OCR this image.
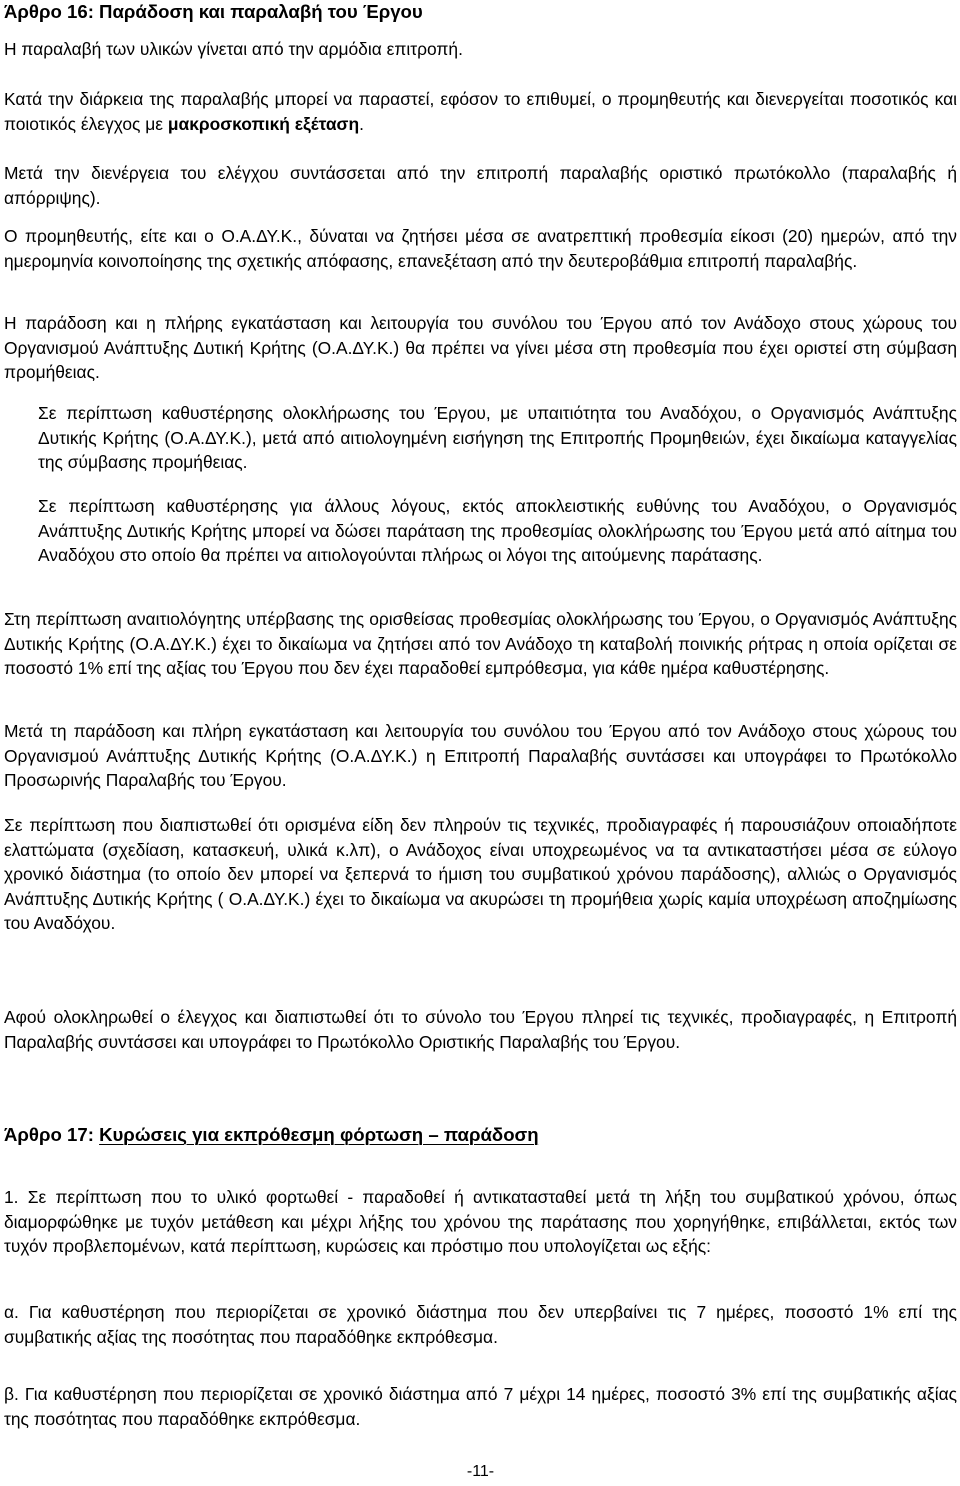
Άρθρο 16: Παράδοση και παραλαβή του Έργου

Η παραλαβή των υλικών γίνεται από την αρμόδια επιτροπή.

Κατά την διάρκεια της παραλαβής μπορεί να παραστεί, εφόσον το επιθυμεί, ο προμηθευτής και διενεργείται ποσοτικός και ποιοτικός έλεγχος με μακροσκοπική εξέταση.

Μετά την διενέργεια του ελέγχου συντάσσεται από την επιτροπή παραλαβής οριστικό πρωτόκολλο (παραλαβής ή απόρριψης).

Ο προμηθευτής, είτε και ο Ο.Α.ΔΥ.Κ., δύναται να ζητήσει μέσα σε ανατρεπτική προθεσμία είκοσι (20) ημερών, από την ημερομηνία κοινοποίησης της σχετικής απόφασης, επανεξέταση από την δευτεροβάθμια επιτροπή παραλαβής.

Η παράδοση και η πλήρης εγκατάσταση και λειτουργία του συνόλου του Έργου από τον Ανάδοχο στους χώρους του Οργανισμού Ανάπτυξης Δυτική Κρήτης (Ο.Α.ΔΥ.Κ.) θα πρέπει να γίνει μέσα στη προθεσμία που έχει οριστεί στη σύμβαση προμήθειας.

Σε περίπτωση καθυστέρησης ολοκλήρωσης του Έργου, με υπαιτιότητα του Αναδόχου, ο Οργανισμός Ανάπτυξης Δυτικής Κρήτης (Ο.Α.ΔΥ.Κ.), μετά από αιτιολογημένη εισήγηση της Επιτροπής Προμηθειών, έχει δικαίωμα καταγγελίας της σύμβασης προμήθειας.

Σε περίπτωση καθυστέρησης για άλλους λόγους, εκτός αποκλειστικής ευθύνης του Αναδόχου, ο Οργανισμός Ανάπτυξης Δυτικής Κρήτης μπορεί να δώσει παράταση της προθεσμίας ολοκλήρωσης του Έργου μετά από αίτημα του Αναδόχου στο οποίο θα πρέπει να αιτιολογούνται πλήρως οι λόγοι της αιτούμενης παράτασης.

Στη περίπτωση αναιτιολόγητης υπέρβασης της ορισθείσας προθεσμίας ολοκλήρωσης του Έργου, ο Οργανισμός Ανάπτυξης Δυτικής Κρήτης (Ο.Α.ΔΥ.Κ.) έχει το δικαίωμα να ζητήσει από τον Ανάδοχο τη καταβολή ποινικής ρήτρας η οποία ορίζεται σε ποσοστό 1% επί της αξίας του Έργου που δεν έχει παραδοθεί εμπρόθεσμα, για κάθε ημέρα καθυστέρησης.

Μετά τη παράδοση και πλήρη εγκατάσταση και λειτουργία του συνόλου του Έργου από τον Ανάδοχο στους χώρους του Οργανισμού Ανάπτυξης Δυτικής Κρήτης (Ο.Α.ΔΥ.Κ.) η Επιτροπή Παραλαβής συντάσσει και υπογράφει το Πρωτόκολλο Προσωρινής Παραλαβής του Έργου.

Σε περίπτωση που διαπιστωθεί ότι ορισμένα είδη δεν πληρούν τις τεχνικές, προδιαγραφές ή παρουσιάζουν οποιαδήποτε ελαττώματα (σχεδίαση, κατασκευή, υλικά κ.λπ), ο Ανάδοχος είναι υποχρεωμένος να τα αντικαταστήσει μέσα σε εύλογο χρονικό διάστημα (το οποίο δεν μπορεί να ξεπερνά το ήμιση του συμβατικού χρόνου παράδοσης), αλλιώς ο Οργανισμός Ανάπτυξης Δυτικής Κρήτης ( Ο.Α.ΔΥ.Κ.) έχει το δικαίωμα να ακυρώσει τη προμήθεια χωρίς καμία υποχρέωση αποζημίωσης του Αναδόχου.

Αφού ολοκληρωθεί ο έλεγχος και διαπιστωθεί ότι το σύνολο του Έργου πληρεί τις τεχνικές, προδιαγραφές, η Επιτροπή Παραλαβής συντάσσει και υπογράφει το Πρωτόκολλο Οριστικής Παραλαβής του Έργου.

Άρθρο 17: Κυρώσεις για εκπρόθεσμη φόρτωση – παράδοση

1. Σε περίπτωση που το υλικό φορτωθεί - παραδοθεί ή αντικατασταθεί μετά τη λήξη του συμβατικού χρόνου, όπως διαμορφώθηκε με τυχόν μετάθεση και μέχρι λήξης του χρόνου της παράτασης που χορηγήθηκε, επιβάλλεται, εκτός των τυχόν προβλεπομένων, κατά περίπτωση, κυρώσεις και πρόστιμο που υπολογίζεται ως εξής:

α. Για καθυστέρηση που περιορίζεται σε χρονικό διάστημα που δεν υπερβαίνει τις 7 ημέρες, ποσοστό 1% επί της συμβατικής αξίας της ποσότητας που παραδόθηκε εκπρόθεσμα.

β. Για καθυστέρηση που περιορίζεται σε χρονικό διάστημα από 7 μέχρι 14 ημέρες, ποσοστό 3% επί της συμβατικής αξίας της ποσότητας που παραδόθηκε εκπρόθεσμα.

-11-
